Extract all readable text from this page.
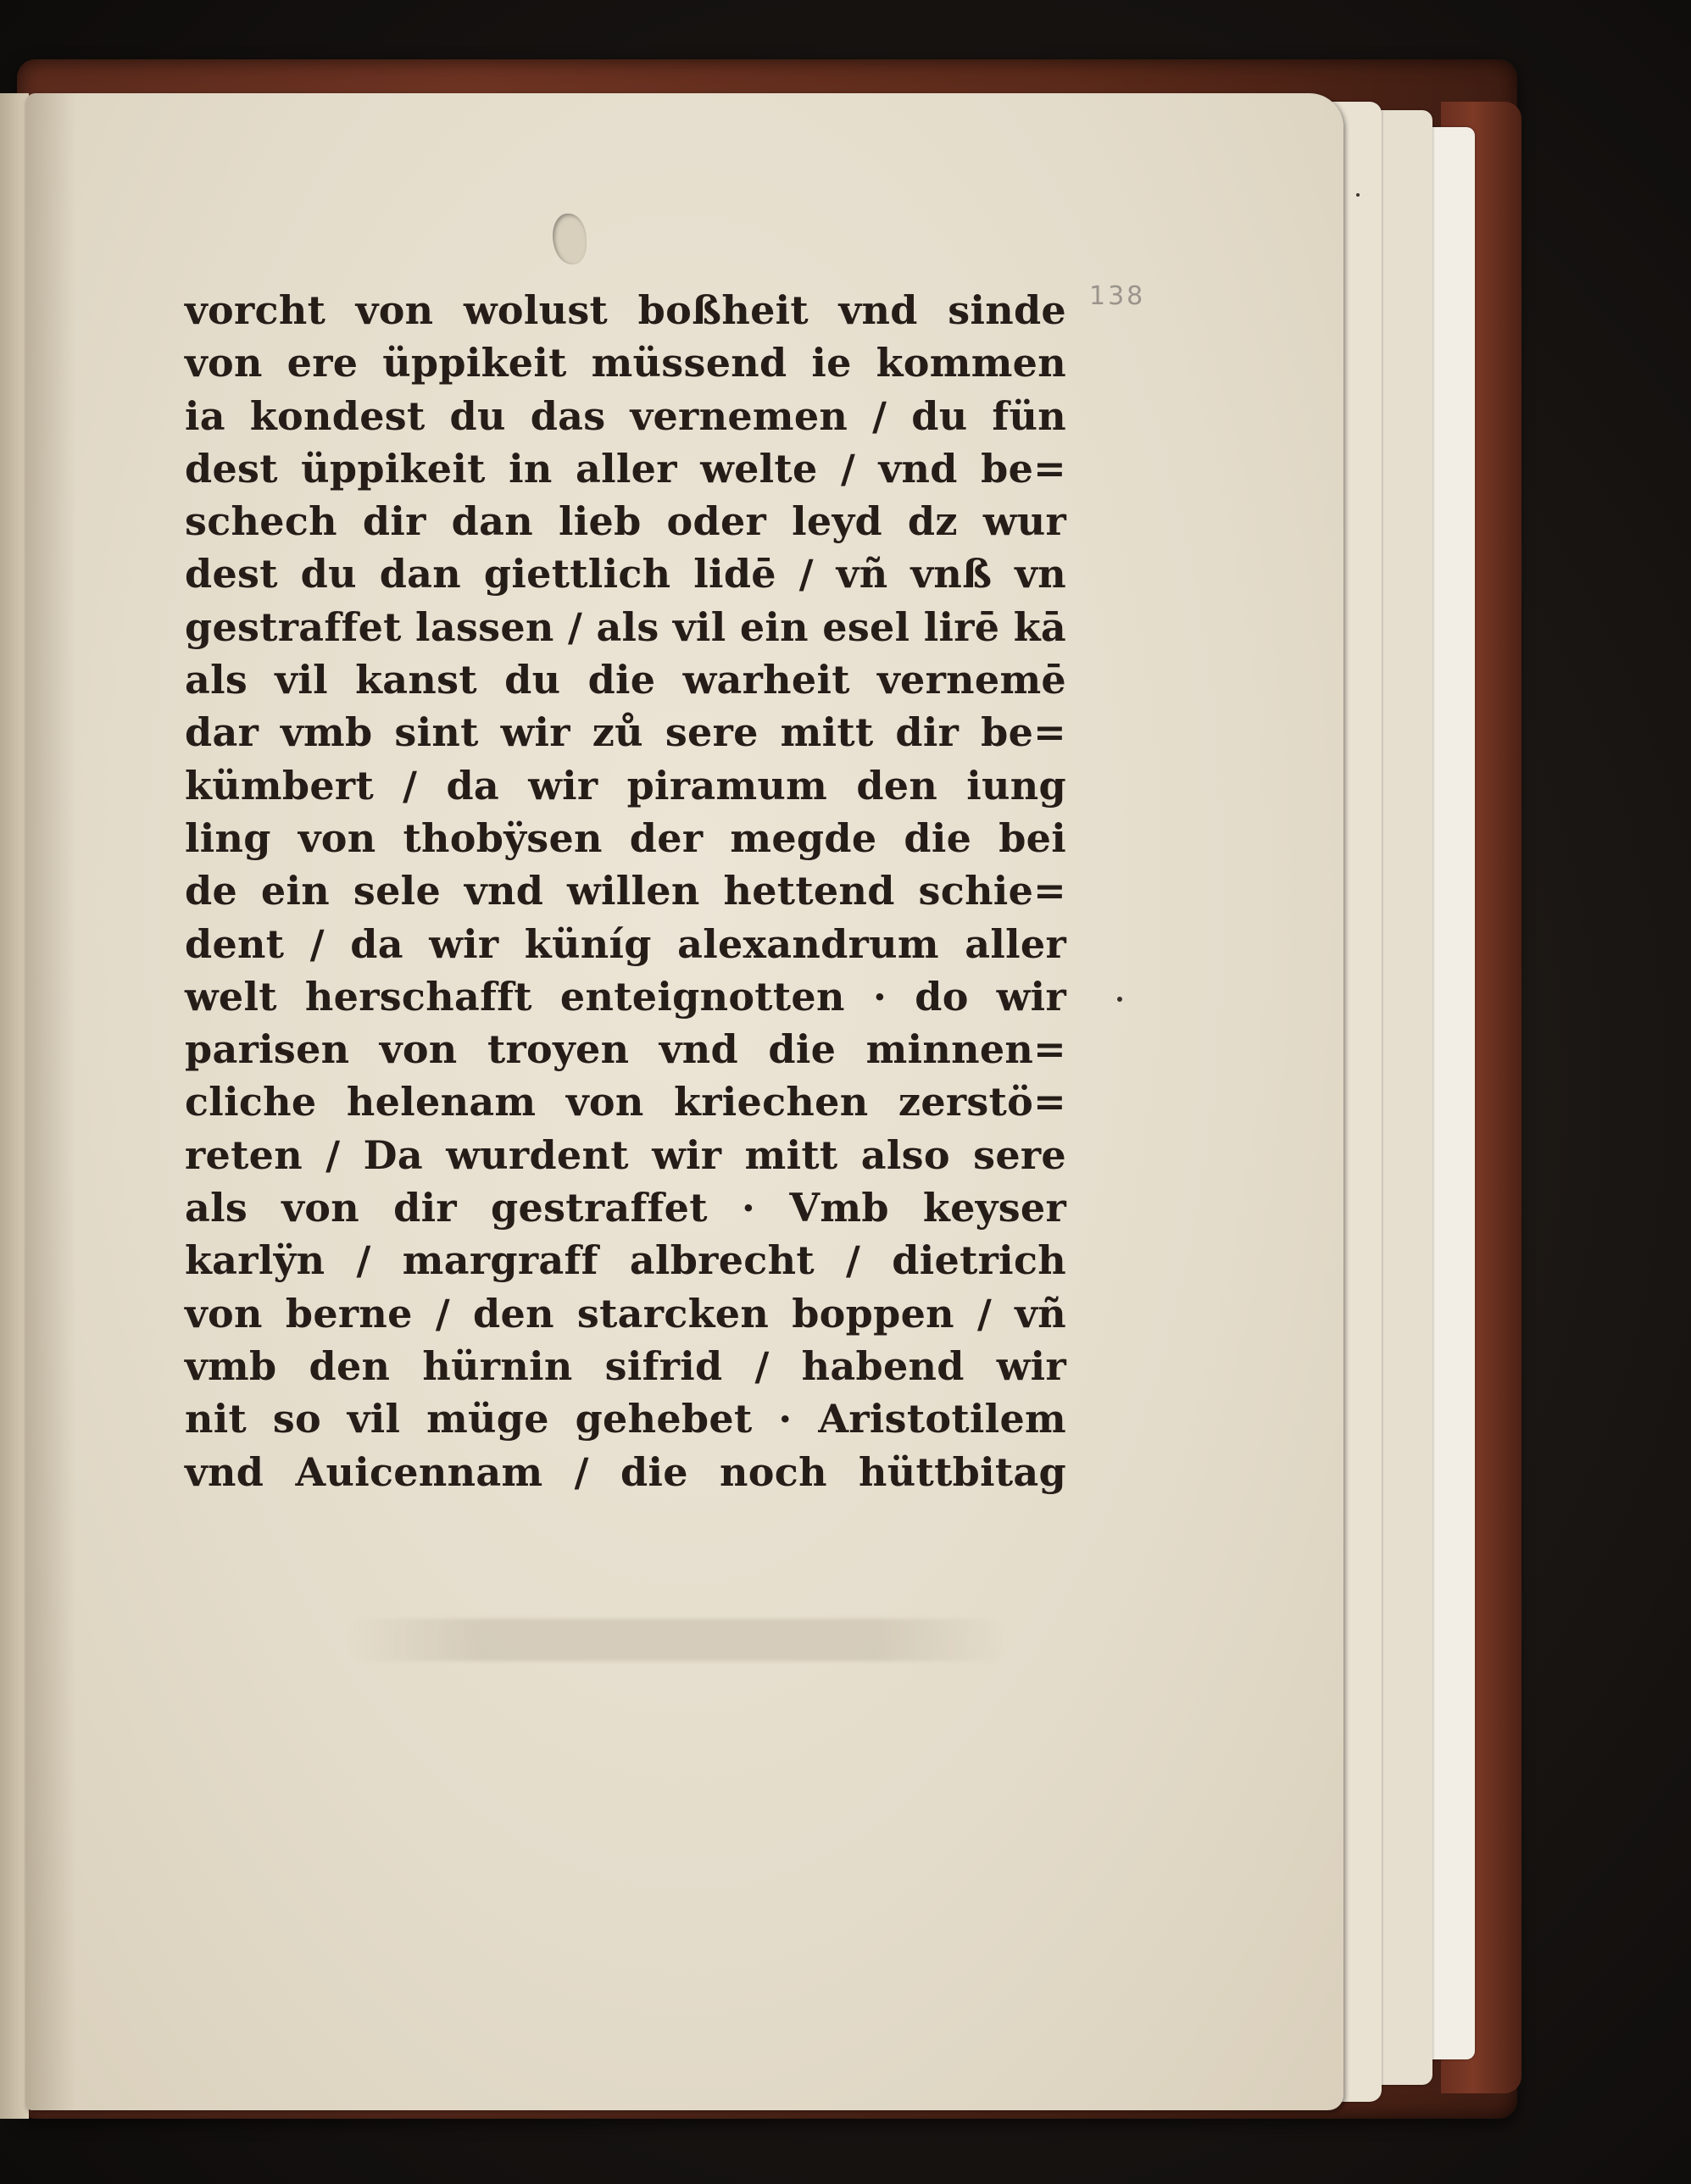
138
vorcht von wolust boßheit vnd sinde
von ere üppikeit müssend ie kommen
ia kondest du das vernemen / du fün
dest üppikeit in aller welte / vnd be=
schech dir dan lieb oder leyd dz wur
dest du dan giettlich lidē / vñ vnß vn
gestraffet lassen / als vil ein esel lirē kā
als vil kanst du die warheit vernemē
dar vmb sint wir zů sere mitt dir be=
kümbert / da wir piramum den iung
ling von thobÿsen der megde die bei
de ein sele vnd willen hettend schie=
dent / da wir küníg alexandrum aller
welt herschafft enteignotten · do wir
parisen von troyen vnd die minnen=
cliche helenam von kriechen zerstö=
reten / Da wurdent wir mitt also sere
als von dir gestraffet · Vmb keyser
karlÿn / margraff albrecht / dietrich
von berne / den starcken boppen / vñ
vmb den hürnin sifrid / habend wir
nit so vil müge gehebet · Aristotilem
vnd Auicennam / die noch hüttbitag
